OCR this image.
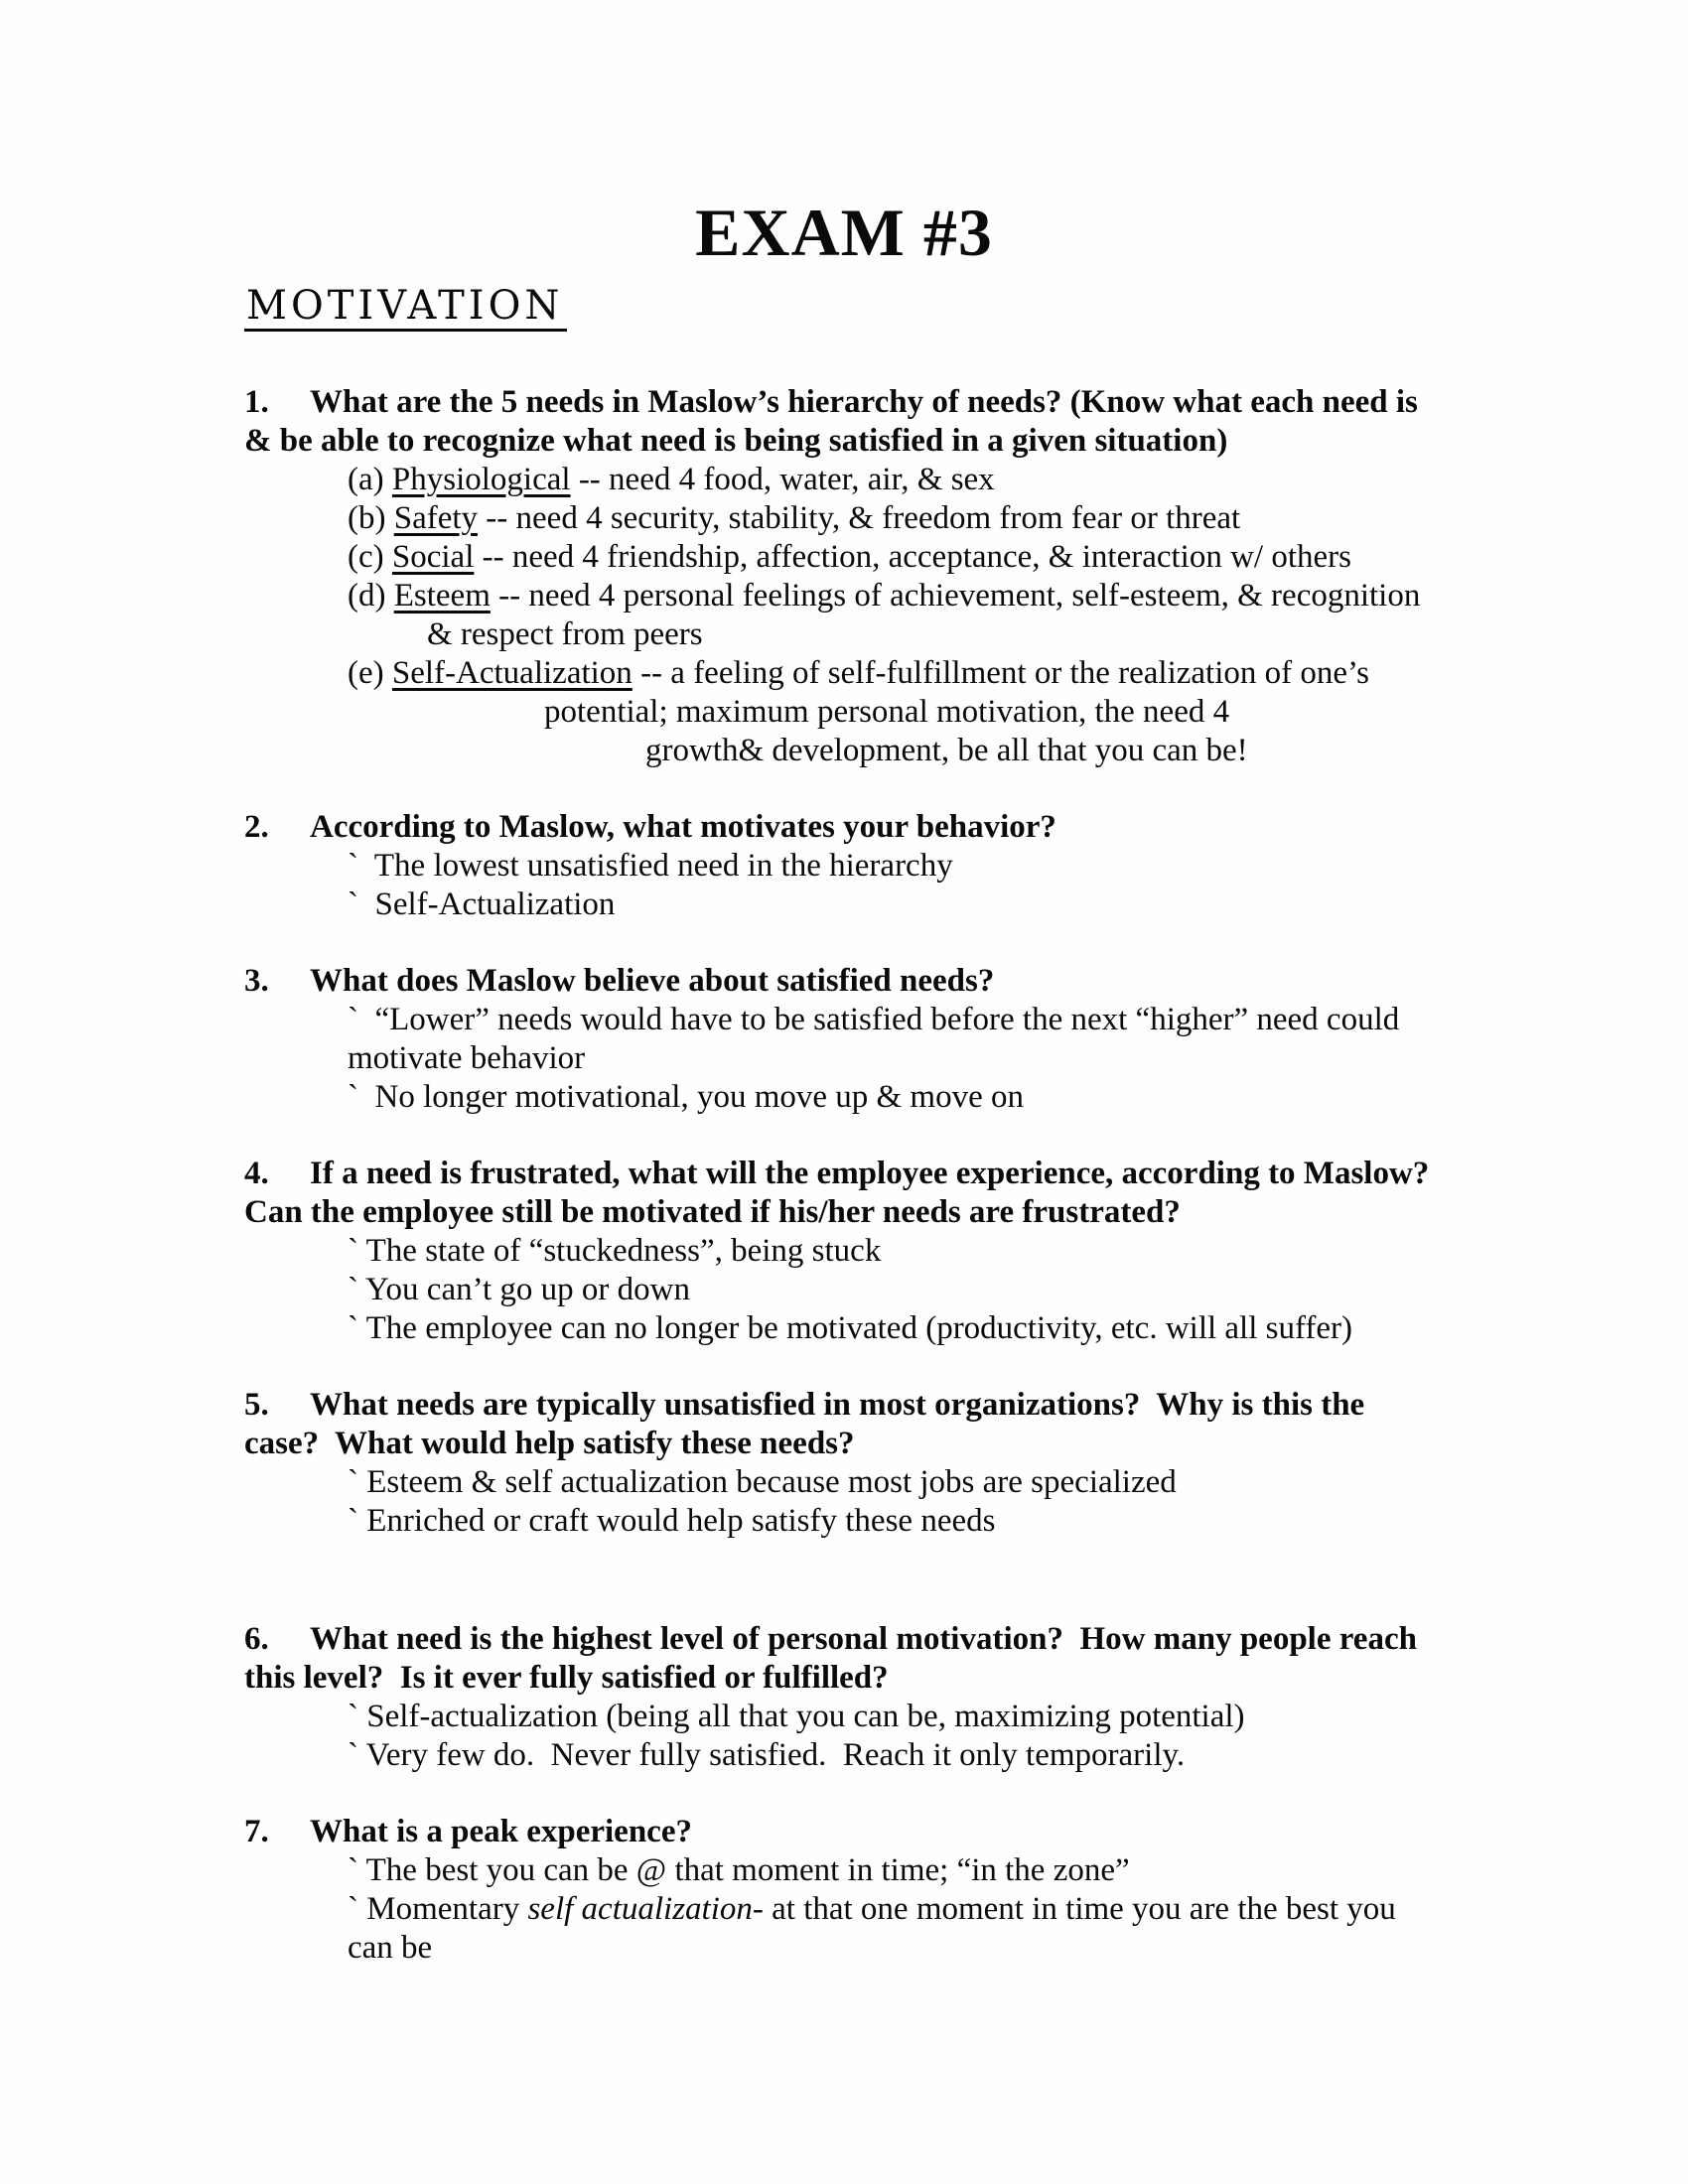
EXAM #3
MOTIVATION
1. What are the 5 needs in Maslow’s hierarchy of needs? (Know what each need is
& be able to recognize what need is being satisfied in a given situation)
(a) Physiological -- need 4 food, water, air, & sex
(b) Safety -- need 4 security, stability, & freedom from fear or threat
(c) Social -- need 4 friendship, affection, acceptance, & interaction w/ others
(d) Esteem -- need 4 personal feelings of achievement, self-esteem, & recognition
& respect from peers
(e) Self-Actualization -- a feeling of self-fulfillment or the realization of one’s
potential; maximum personal motivation, the need 4
growth& development, be all that you can be!
2. According to Maslow, what motivates your behavior?
`  The lowest unsatisfied need in the hierarchy
`  Self-Actualization
3. What does Maslow believe about satisfied needs?
`  “Lower” needs would have to be satisfied before the next “higher” need could
motivate behavior
`  No longer motivational, you move up & move on
4. If a need is frustrated, what will the employee experience, according to Maslow?
Can the employee still be motivated if his/her needs are frustrated?
` The state of “stuckedness”, being stuck
` You can’t go up or down
` The employee can no longer be motivated (productivity, etc. will all suffer)
5. What needs are typically unsatisfied in most organizations?  Why is this the
case?  What would help satisfy these needs?
` Esteem & self actualization because most jobs are specialized
` Enriched or craft would help satisfy these needs
6. What need is the highest level of personal motivation?  How many people reach
this level?  Is it ever fully satisfied or fulfilled?
` Self-actualization (being all that you can be, maximizing potential)
` Very few do.  Never fully satisfied.  Reach it only temporarily.
7. What is a peak experience?
` The best you can be @ that moment in time; “in the zone”
` Momentary self actualization- at that one moment in time you are the best you
can be
